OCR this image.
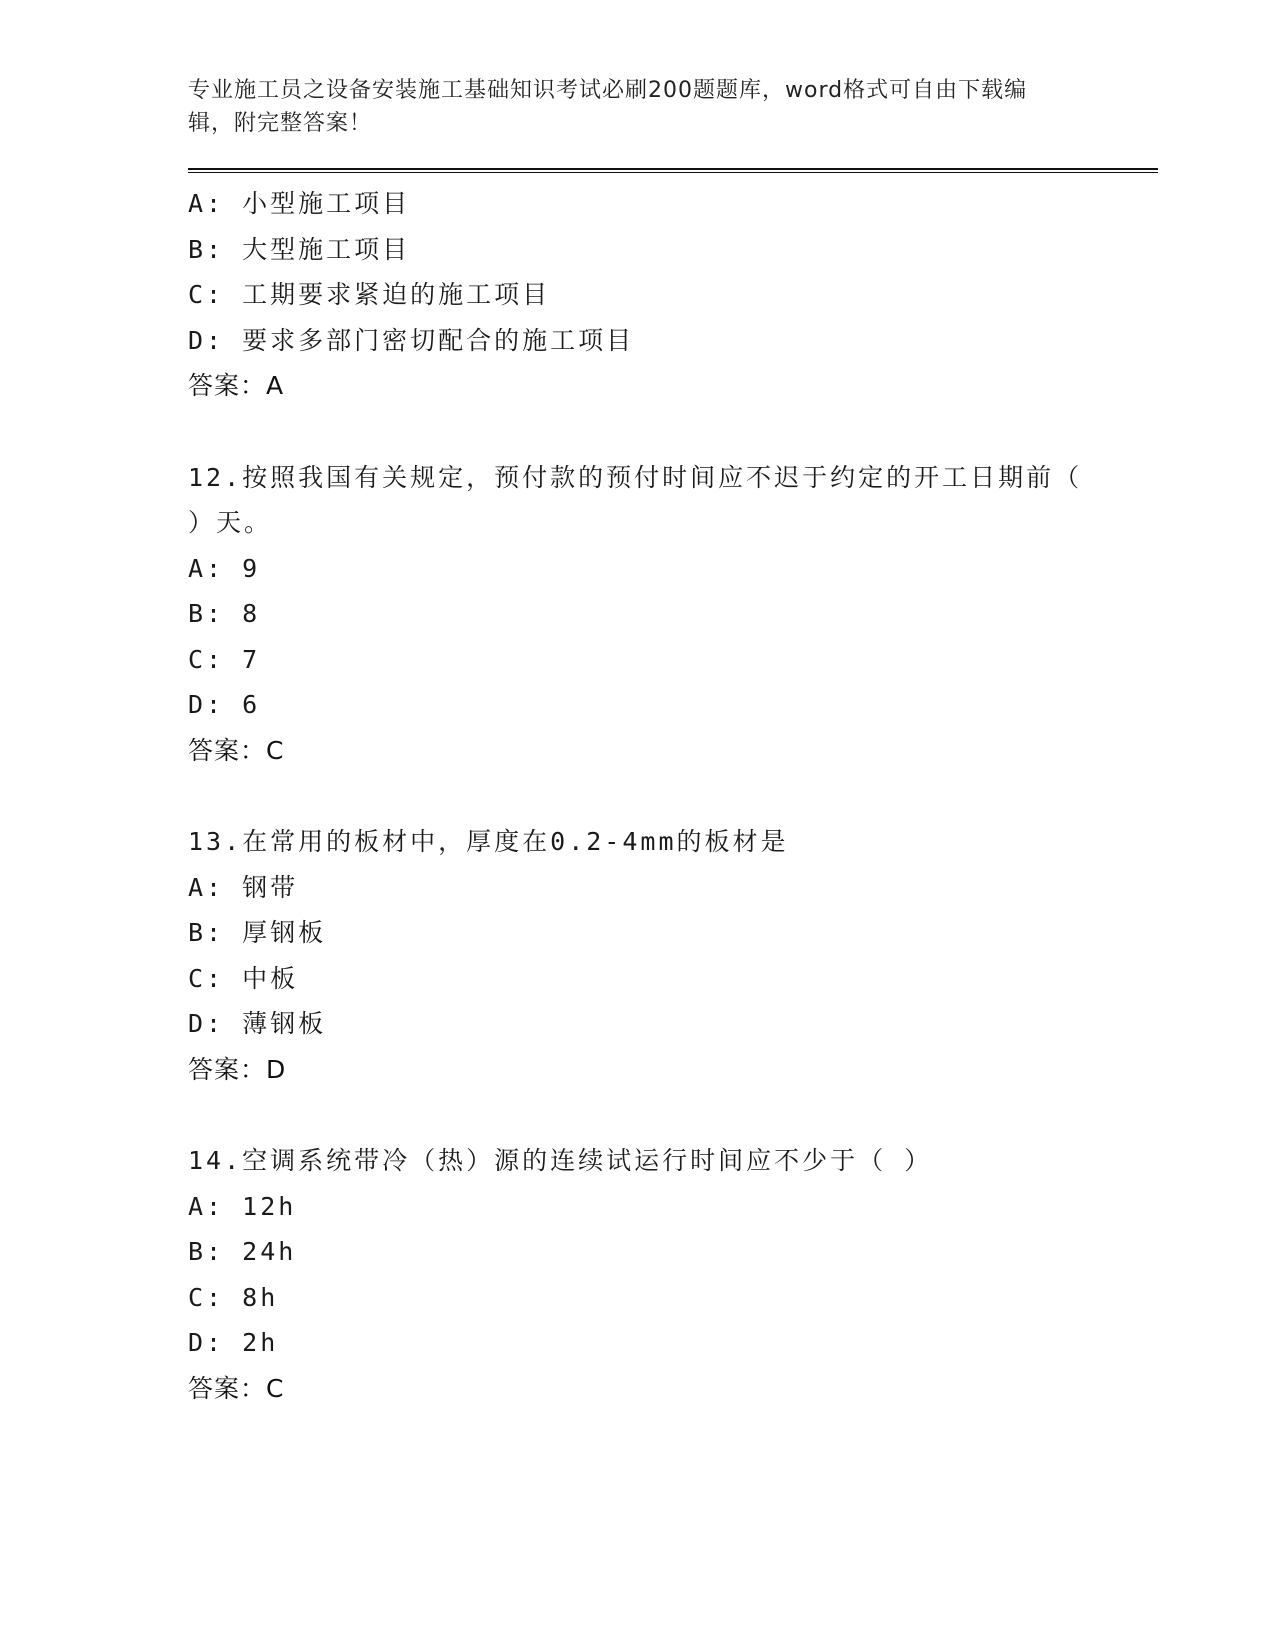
专业施工员之设备安装施工基础知识考试必刷200题题库，word格式可自由下载编辑，附完整答案！
A: 小型施工项目
B: 大型施工项目
C: 工期要求紧迫的施工项目
D: 要求多部门密切配合的施工项目
答案：A
12.按照我国有关规定，预付款的预付时间应不迟于约定的开工日期前（ ）天。
A: 9
B: 8
C: 7
D: 6
答案：C
13.在常用的板材中，厚度在0.2-4mm的板材是
A: 钢带
B: 厚钢板
C: 中板
D: 薄钢板
答案：D
14.空调系统带冷（热）源的连续试运行时间应不少于（ ）
A: 12h
B: 24h
C: 8h
D: 2h
答案：C
